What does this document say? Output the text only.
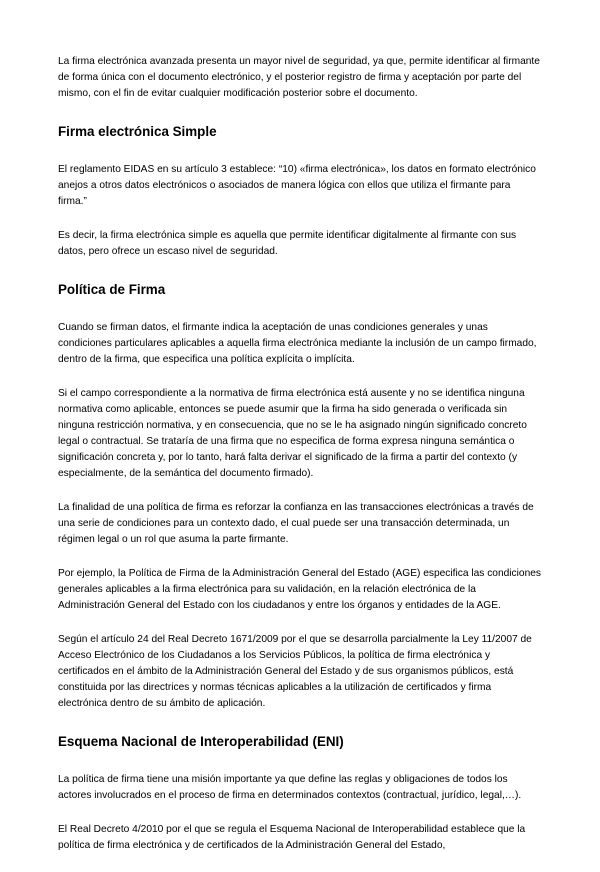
La firma electrónica avanzada presenta un mayor nivel de seguridad, ya que, permite identificar al firmante de forma única con el documento electrónico, y el posterior registro de firma y aceptación por parte del mismo, con el fin de evitar cualquier modificación posterior sobre el documento.

Firma electrónica Simple

El reglamento EIDAS en su artículo 3 establece: “10) «firma electrónica», los datos en formato electrónico anejos a otros datos electrónicos o asociados de manera lógica con ellos que utiliza el firmante para firma.”

Es decir, la firma electrónica simple es aquella que permite identificar digitalmente al firmante con sus datos, pero ofrece un escaso nivel de seguridad.

Política de Firma

Cuando se firman datos, el firmante indica la aceptación de unas condiciones generales y unas condiciones particulares aplicables a aquella firma electrónica mediante la inclusión de un campo firmado, dentro de la firma, que especifica una política explícita o implícita.

Si el campo correspondiente a la normativa de firma electrónica está ausente y no se identifica ninguna normativa como aplicable, entonces se puede asumir que la firma ha sido generada o verificada sin ninguna restricción normativa, y en consecuencia, que no se le ha asignado ningún significado concreto legal o contractual. Se trataría de una firma que no especifica de forma expresa ninguna semántica o significación concreta y, por lo tanto, hará falta derivar el significado de la firma a partir del contexto (y especialmente, de la semántica del documento firmado).

La finalidad de una política de firma es reforzar la confianza en las transacciones electrónicas a través de una serie de condiciones para un contexto dado, el cual puede ser una transacción determinada, un régimen legal o un rol que asuma la parte firmante.

Por ejemplo, la Política de Firma de la Administración General del Estado (AGE) especifica las condiciones generales aplicables a la firma electrónica para su validación, en la relación electrónica de la Administración General del Estado con los ciudadanos y entre los órganos y entidades de la AGE.

Según el artículo 24 del Real Decreto 1671/2009 por el que se desarrolla parcialmente la Ley 11/2007 de Acceso Electrónico de los Ciudadanos a los Servicios Públicos, la política de firma electrónica y certificados en el ámbito de la Administración General del Estado y de sus organismos públicos, está constituida por las directrices y normas técnicas aplicables a la utilización de certificados y firma electrónica dentro de su ámbito de aplicación.

Esquema Nacional de Interoperabilidad (ENI)

La política de firma tiene una misión importante ya que define las reglas y obligaciones de todos los actores involucrados en el proceso de firma en determinados contextos (contractual, jurídico, legal,…).

El Real Decreto 4/2010 por el que se regula el Esquema Nacional de Interoperabilidad establece que la política de firma electrónica y de certificados de la Administración General del Estado,
